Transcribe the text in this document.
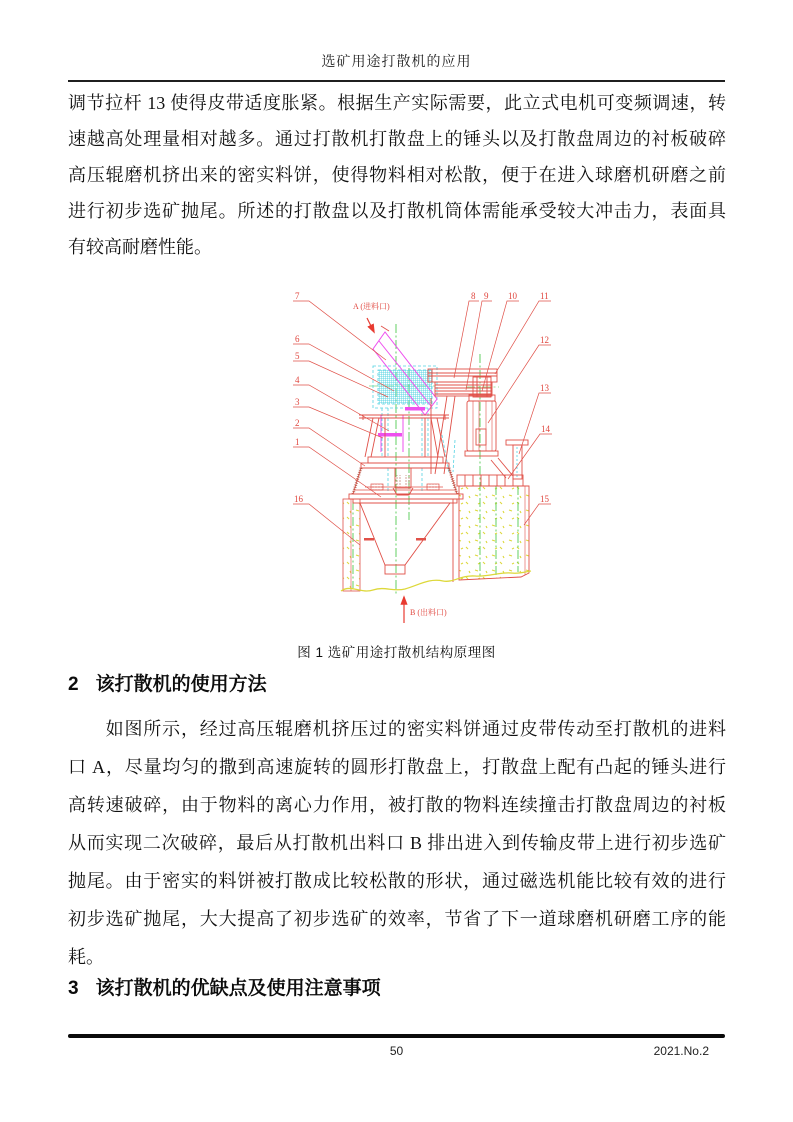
选矿用途打散机的应用
调节拉杆 13 使得皮带适度胀紧。根据生产实际需要，此立式电机可变频调速，转
速越高处理量相对越多。通过打散机打散盘上的锤头以及打散盘周边的衬板破碎
高压辊磨机挤出来的密实料饼，使得物料相对松散，便于在进入球磨机研磨之前
进行初步选矿抛尾。所述的打散盘以及打散机筒体需能承受较大冲击力，表面具
有较高耐磨性能。
7
6
5
4
3
2
1
16
8 9 10	11
12
13
14
15
A (进料口)
B (出料口)
图 1 选矿用途打散机结构原理图
2 该打散机的使用方法
　　如图所示，经过高压辊磨机挤压过的密实料饼通过皮带传动至打散机的进料
口 A，尽量均匀的撒到高速旋转的圆形打散盘上，打散盘上配有凸起的锤头进行
高转速破碎，由于物料的离心力作用，被打散的物料连续撞击打散盘周边的衬板
从而实现二次破碎，最后从打散机出料口 B 排出进入到传输皮带上进行初步选矿
抛尾。由于密实的料饼被打散成比较松散的形状，通过磁选机能比较有效的进行
初步选矿抛尾，大大提高了初步选矿的效率，节省了下一道球磨机研磨工序的能
耗。
3 该打散机的优缺点及使用注意事项
50	2021.No.2
